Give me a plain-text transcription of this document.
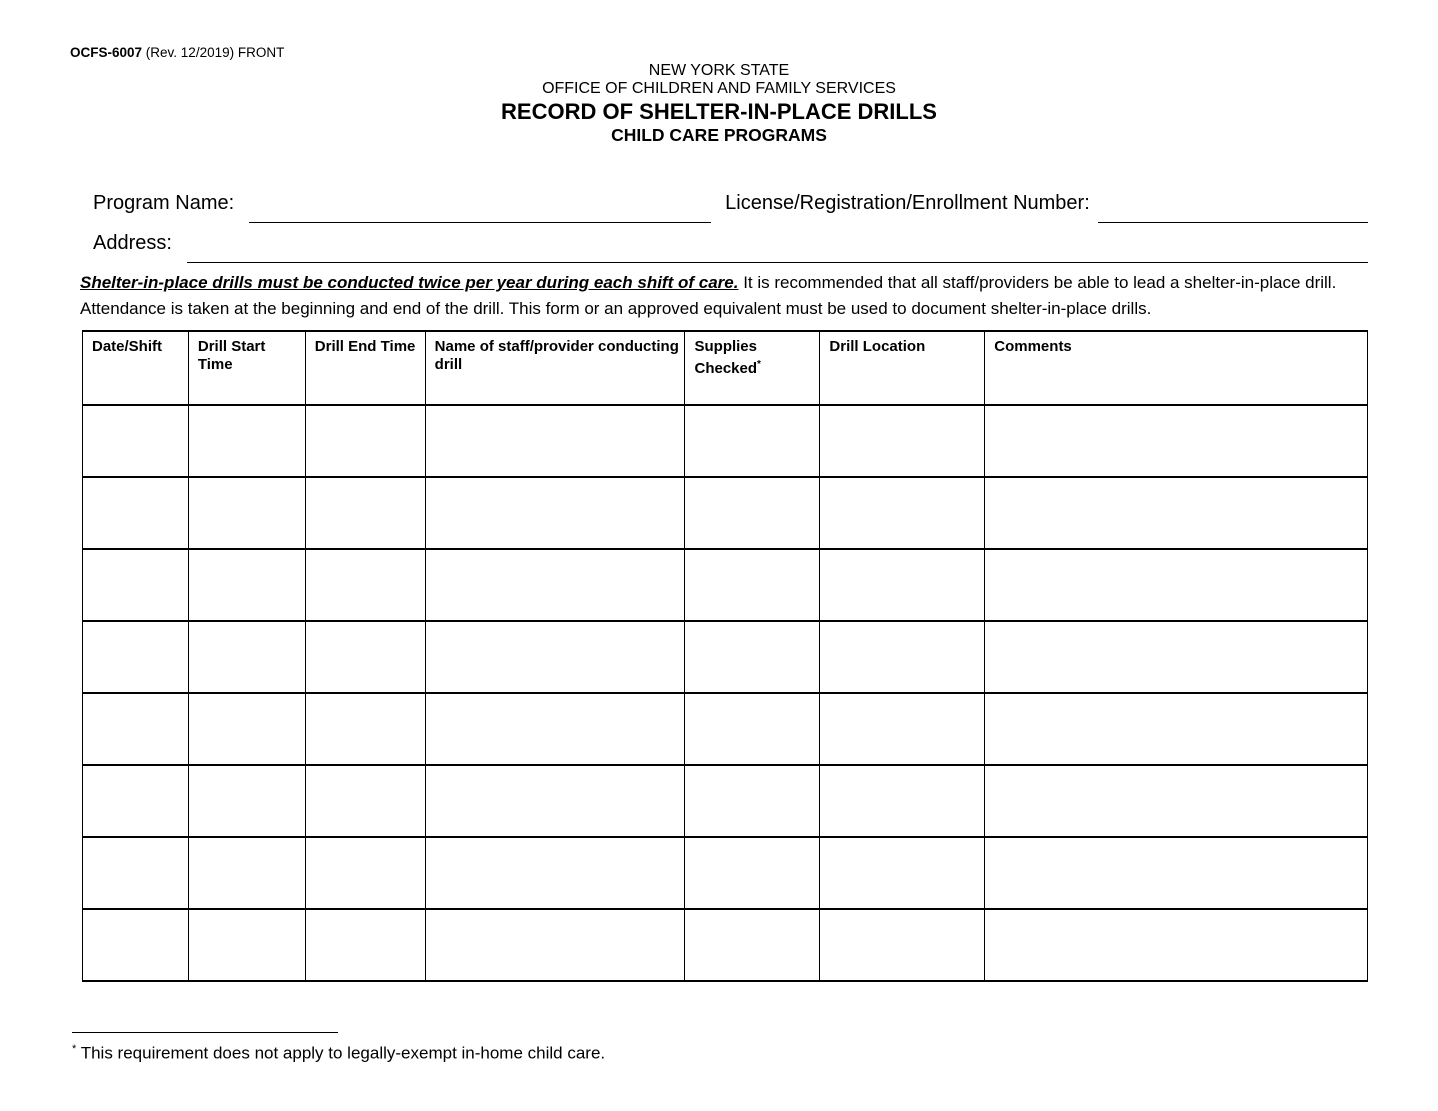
OCFS-6007 (Rev. 12/2019) FRONT
NEW YORK STATE
OFFICE OF CHILDREN AND FAMILY SERVICES
RECORD OF SHELTER-IN-PLACE DRILLS
CHILD CARE PROGRAMS
Program Name:	License/Registration/Enrollment Number:
Address:
Shelter-in-place drills must be conducted twice per year during each shift of care. It is recommended that all staff/providers be able to lead a shelter-in-place drill. Attendance is taken at the beginning and end of the drill. This form or an approved equivalent must be used to document shelter-in-place drills.
Date/Shift	Drill Start Time	Drill End Time	Name of staff/provider conducting drill	Supplies Checked*	Drill Location	Comments

* This requirement does not apply to legally-exempt in-home child care.
